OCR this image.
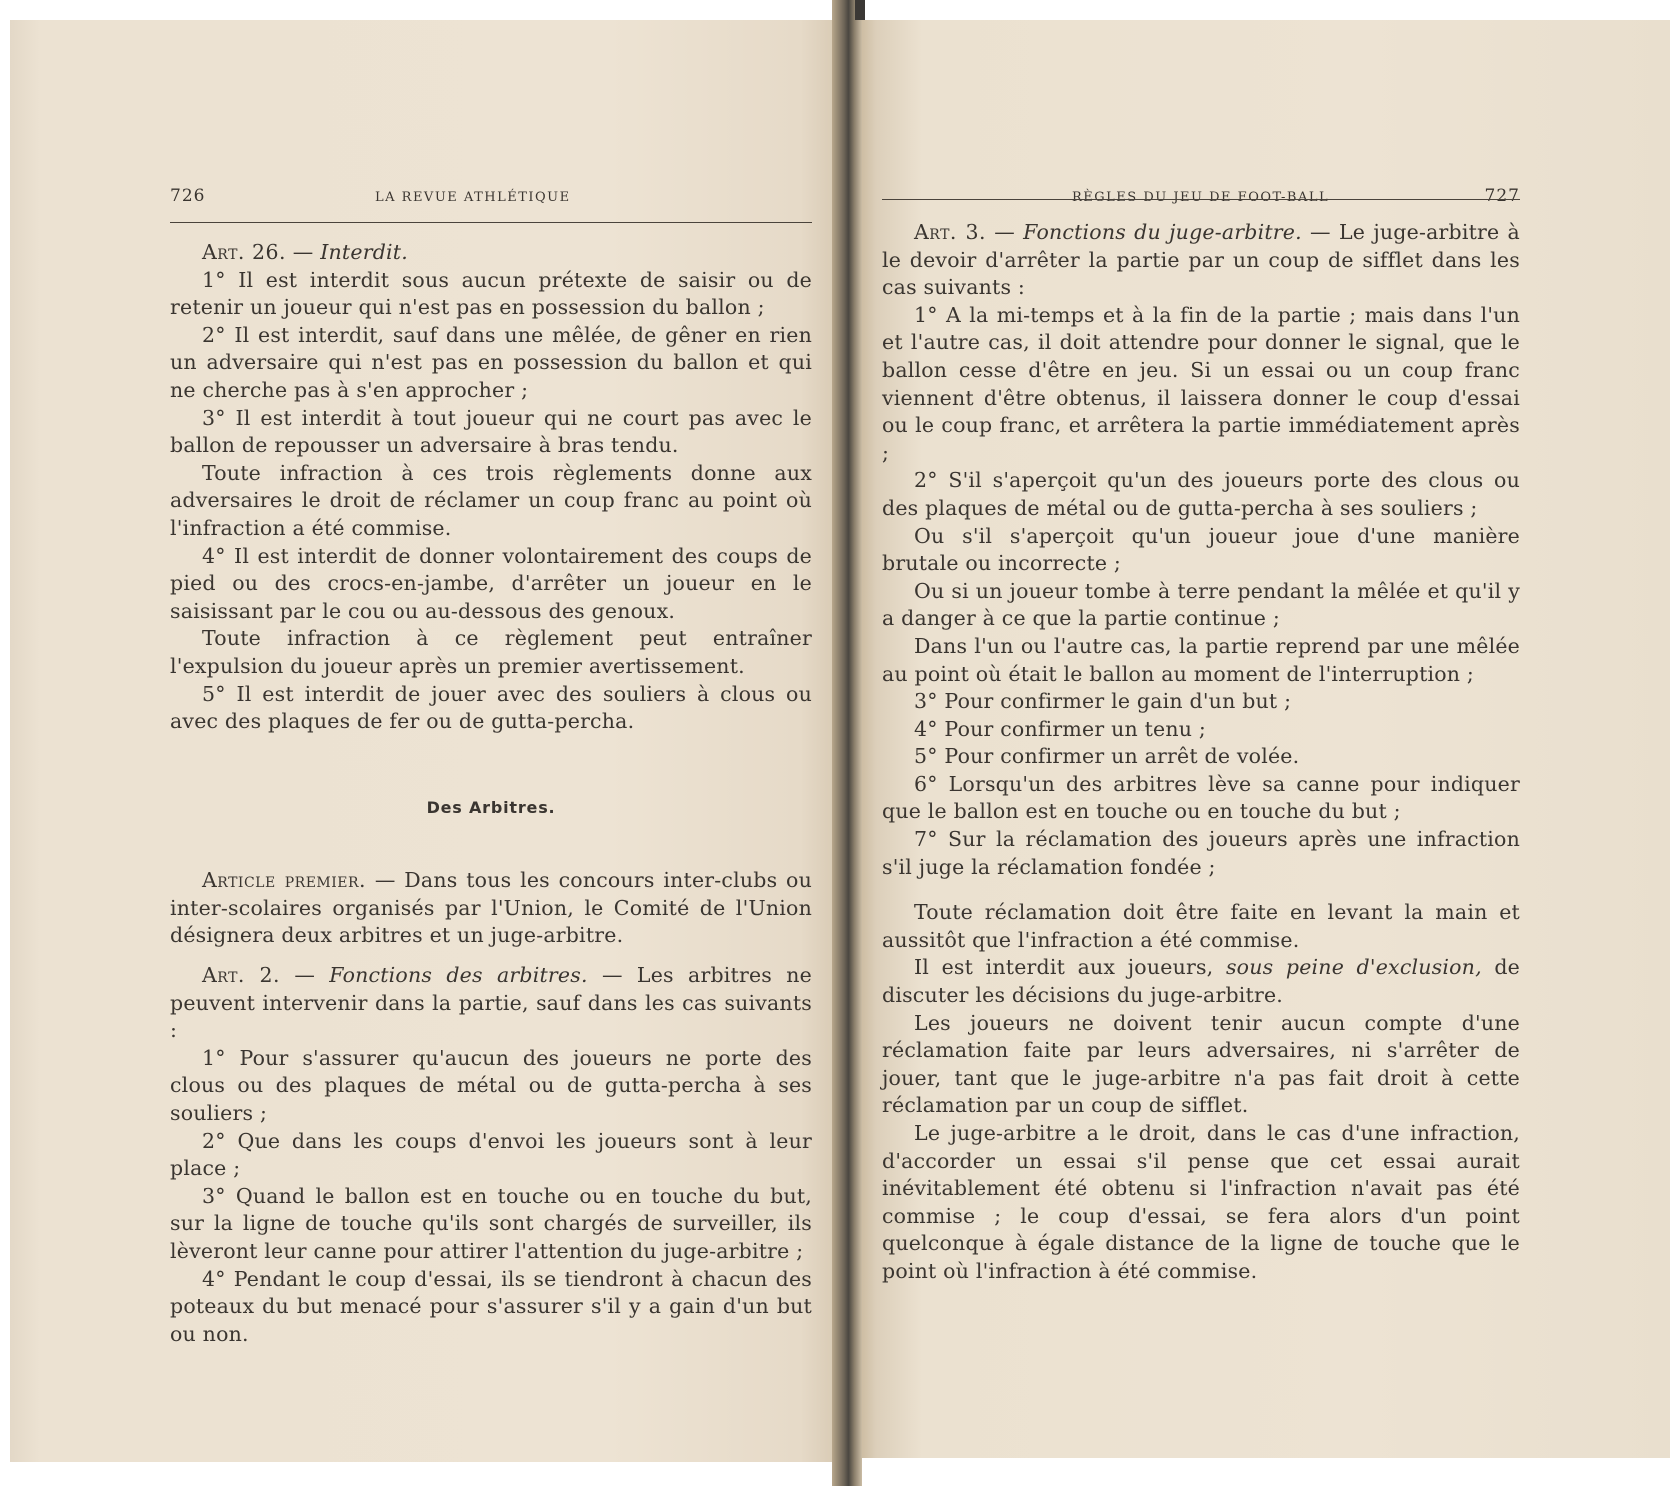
726	LA REVUE ATHLÉTIQUE

Art. 26. — Interdit.

1° Il est interdit sous aucun prétexte de saisir ou de retenir un joueur qui n'est pas en possession du ballon ;

2° Il est interdit, sauf dans une mêlée, de gêner en rien un adversaire qui n'est pas en possession du ballon et qui ne cherche pas à s'en approcher ;

3° Il est interdit à tout joueur qui ne court pas avec le ballon de repousser un adversaire à bras tendu.

Toute infraction à ces trois règlements donne aux adversaires le droit de réclamer un coup franc au point où l'infraction a été commise.

4° Il est interdit de donner volontairement des coups de pied ou des crocs-en-jambe, d'arrêter un joueur en le saisissant par le cou ou au-dessous des genoux.

Toute infraction à ce règlement peut entraîner l'expulsion du joueur après un premier avertissement.

5° Il est interdit de jouer avec des souliers à clous ou avec des plaques de fer ou de gutta-percha.

Des Arbitres.

Article premier. — Dans tous les concours inter-clubs ou inter-scolaires organisés par l'Union, le Comité de l'Union désignera deux arbitres et un juge-arbitre.

Art. 2. — Fonctions des arbitres. — Les arbitres ne peuvent intervenir dans la partie, sauf dans les cas suivants :

1° Pour s'assurer qu'aucun des joueurs ne porte des clous ou des plaques de métal ou de gutta-percha à ses souliers ;

2° Que dans les coups d'envoi les joueurs sont à leur place ;

3° Quand le ballon est en touche ou en touche du but, sur la ligne de touche qu'ils sont chargés de surveiller, ils lèveront leur canne pour attirer l'attention du juge-arbitre ;

4° Pendant le coup d'essai, ils se tiendront à chacun des poteaux du but menacé pour s'assurer s'il y a gain d'un but ou non.

RÈGLES DU JEU DE FOOT-BALL	727

Art. 3. — Fonctions du juge-arbitre. — Le juge-arbitre à le devoir d'arrêter la partie par un coup de sifflet dans les cas suivants :

1° A la mi-temps et à la fin de la partie ; mais dans l'un et l'autre cas, il doit attendre pour donner le signal, que le ballon cesse d'être en jeu. Si un essai ou un coup franc viennent d'être obtenus, il laissera donner le coup d'essai ou le coup franc, et arrêtera la partie immédiatement après ;

2° S'il s'aperçoit qu'un des joueurs porte des clous ou des plaques de métal ou de gutta-percha à ses souliers ;

Ou s'il s'aperçoit qu'un joueur joue d'une manière brutale ou incorrecte ;

Ou si un joueur tombe à terre pendant la mêlée et qu'il y a danger à ce que la partie continue ;

Dans l'un ou l'autre cas, la partie reprend par une mêlée au point où était le ballon au moment de l'interruption ;

3° Pour confirmer le gain d'un but ;

4° Pour confirmer un tenu ;

5° Pour confirmer un arrêt de volée.

6° Lorsqu'un des arbitres lève sa canne pour indiquer que le ballon est en touche ou en touche du but ;

7° Sur la réclamation des joueurs après une infraction s'il juge la réclamation fondée ;

Toute réclamation doit être faite en levant la main et aussitôt que l'infraction a été commise.

Il est interdit aux joueurs, sous peine d'exclusion, de discuter les décisions du juge-arbitre.

Les joueurs ne doivent tenir aucun compte d'une réclamation faite par leurs adversaires, ni s'arrêter de jouer, tant que le juge-arbitre n'a pas fait droit à cette réclamation par un coup de sifflet.

Le juge-arbitre a le droit, dans le cas d'une infraction, d'accorder un essai s'il pense que cet essai aurait inévitablement été obtenu si l'infraction n'avait pas été commise ; le coup d'essai, se fera alors d'un point quelconque à égale distance de la ligne de touche que le point où l'infraction à été commise.
